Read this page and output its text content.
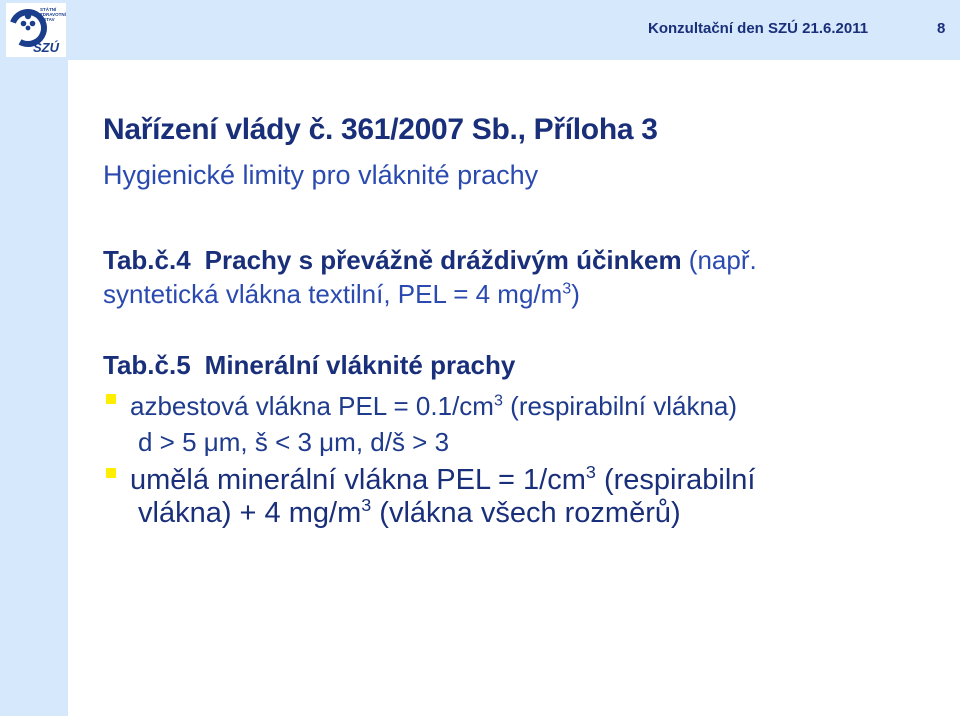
STÁTNÍ
ZDRAVOTNÍ
ÚSTAV
SZÚ
Konzultační den SZÚ 21.6.2011	8
Nařízení vlády č. 361/2007 Sb., Příloha 3
Hygienické limity pro vláknité prachy
Tab.č.4 Prachy s převážně dráždivým účinkem (např.
syntetická vlákna textilní, PEL = 4 $mg/m^3$)
Tab.č.5 Minerální vláknité prachy
azbestová vlákna PEL = $0.1/cm^3$ (respirabilní vlákna)
d > 5 μm, š < 3 μm, d/š > 3
umělá minerální vlákna PEL = $1/cm^3$ (respirabilní
vlákna) + 4 $mg/m^3$ (vlákna všech rozměrů)
